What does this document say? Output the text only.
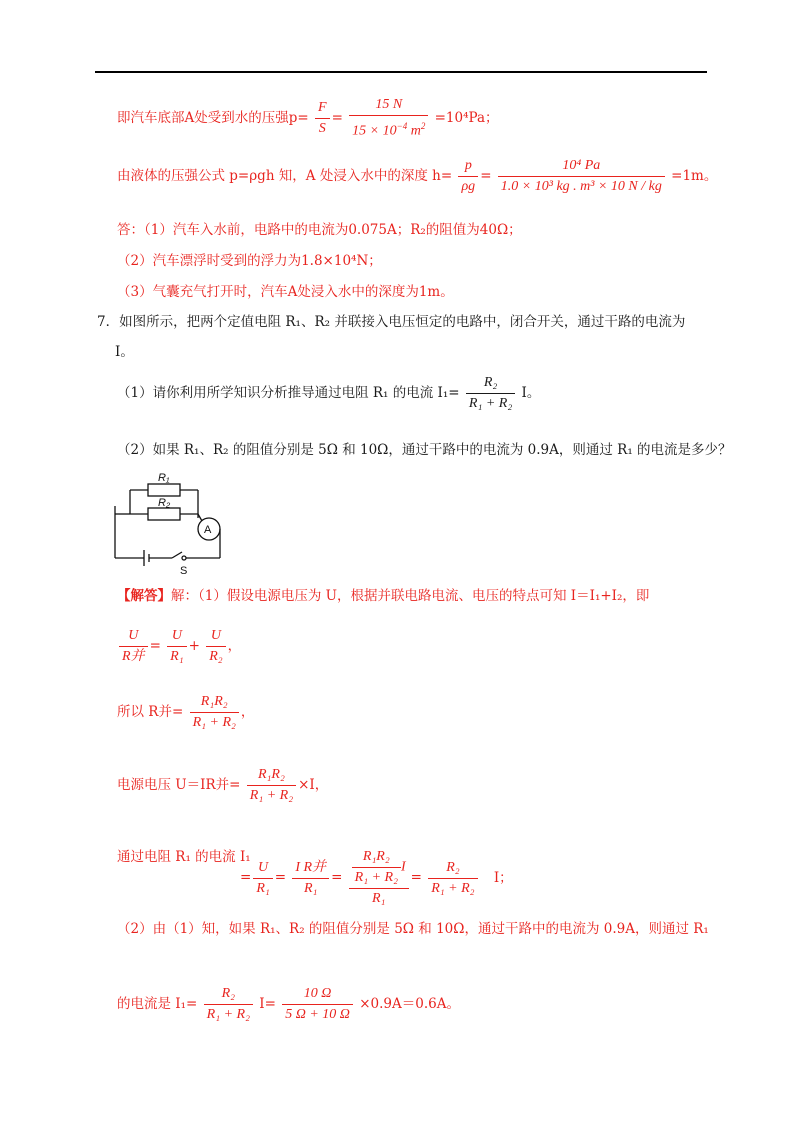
即汽车底部A处受到水的压强$p= \frac{F}{S} = \frac{15 N}{15 \times 10^{-4} m^2} =10^4Pa$；
由液体的压强公式 p=ρgh 知，A 处浸入水中的深度 $h= \frac{p}{\rho g} = \frac{\text{10⁴ Pa}}{\text{1.0 × 10³ kg . m³ × 10 N / kg}} =1m$。
答：（1）汽车入水前，电路中的电流为0.075A；R₂的阻值为40Ω；
（2）汽车漂浮时受到的浮力为1.8×10⁴N；
（3）气囊充气打开时，汽车A处浸入水中的深度为1m。
7．如图所示，把两个定值电阻 R₁、R₂ 并联接入电压恒定的电路中，闭合开关，通过干路的电流为
I。
（1）请你利用所学知识分析推导通过电阻 R₁ 的电流 $I_1= \frac{\text{R₂}}{\text{R₁ + R₂}}$ I。
（2）如果 R₁、R₂ 的阻值分别是 5Ω 和 10Ω，通过干路中的电流为 0.9A，则通过 R₁ 的电流是多少？
R₁
R₂
A
S
【解答】解：（1）假设电源电压为 U，根据并联电路电流、电压的特点可知 I＝I₁+I₂，即
$\frac{U}{\text{R并}} = \frac{U}{\text{R₁}} + \frac{U}{\text{R₂}}$ ，
所以 R并= $\frac{\text{R₁R₂}}{\text{R₁ + R₂}}$ ，
电源电压 U＝IR并= $\frac{\text{R₁R₂}}{\text{R₁ + R₂}} \times I$，
通过电阻 R₁ 的电流 I₁
= $\frac{U}{\text{R₁}} = \frac{\text{I R并}}{\text{R₁}} = \frac{\frac{\text{R₁R₂}}{\text{R₁ + R₂}} I}{\text{R₁}} = \frac{\text{R₂}}{\text{R₁ + R₂}}$ I；
（2）由（1）知，如果 R₁、R₂ 的阻值分别是 5Ω 和 10Ω，通过干路中的电流为 0.9A，则通过 R₁
的电流是 $I_1= \frac{\text{R₂}}{\text{R₁ + R₂}} I= \frac{10 \Omega}{5 \Omega + 10 \Omega} \times 0.9A=0.6A$。
